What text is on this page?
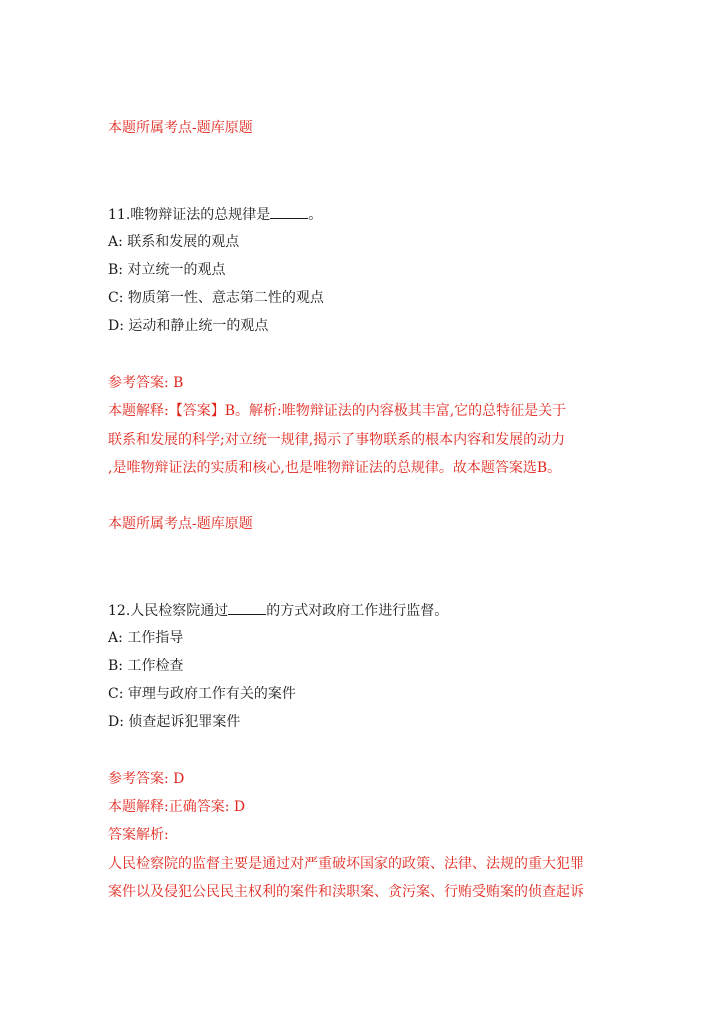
本题所属考点-题库原题
11.唯物辩证法的总规律是	。
A: 联系和发展的观点
B: 对立统一的观点
C: 物质第一性、意志第二性的观点
D: 运动和静止统一的观点
参考答案: B
本题解释:【答案】B。解析:唯物辩证法的内容极其丰富,它的总特征是关于
联系和发展的科学;对立统一规律,揭示了事物联系的根本内容和发展的动力
,是唯物辩证法的实质和核心,也是唯物辩证法的总规律。故本题答案选B。
本题所属考点-题库原题
12.人民检察院通过	的方式对政府工作进行监督。
A: 工作指导
B: 工作检查
C: 审理与政府工作有关的案件
D: 侦查起诉犯罪案件
参考答案: D
本题解释:正确答案: D
答案解析:
人民检察院的监督主要是通过对严重破坏国家的政策、法律、法规的重大犯罪
案件以及侵犯公民民主权利的案件和渎职案、贪污案、行贿受贿案的侦查起诉
